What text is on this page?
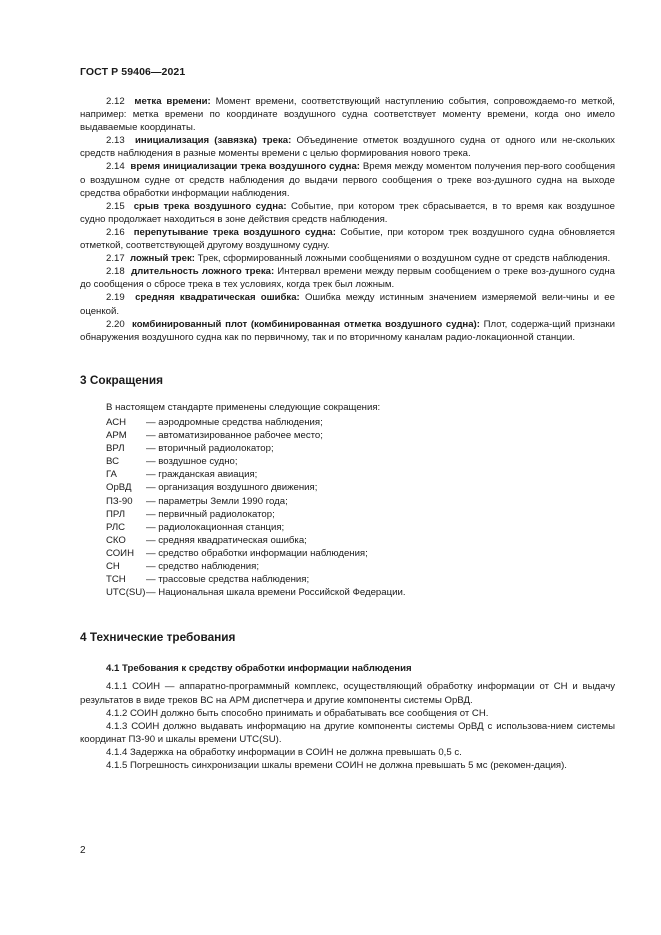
ГОСТ Р 59406—2021

2.12 метка времени: Момент времени, соответствующий наступлению события, сопровождаемо-го меткой, например: метка времени по координате воздушного судна соответствует моменту времени, когда оно имело выдаваемые координаты.

2.13 инициализация (завязка) трека: Объединение отметок воздушного судна от одного или не-скольких средств наблюдения в разные моменты времени с целью формирования нового трека.

2.14 время инициализации трека воздушного судна: Время между моментом получения пер-вого сообщения о воздушном судне от средств наблюдения до выдачи первого сообщения о треке воз-душного судна на выходе средства обработки информации наблюдения.

2.15 срыв трека воздушного судна: Событие, при котором трек сбрасывается, в то время как воздушное судно продолжает находиться в зоне действия средств наблюдения.

2.16 перепутывание трека воздушного судна: Событие, при котором трек воздушного судна обновляется отметкой, соответствующей другому воздушному судну.

2.17 ложный трек: Трек, сформированный ложными сообщениями о воздушном судне от средств наблюдения.

2.18 длительность ложного трека: Интервал времени между первым сообщением о треке воз-душного судна до сообщения о сбросе трека в тех условиях, когда трек был ложным.

2.19 средняя квадратическая ошибка: Ошибка между истинным значением измеряемой вели-чины и ее оценкой.

2.20 комбинированный плот (комбинированная отметка воздушного судна): Плот, содержа-щий признаки обнаружения воздушного судна как по первичному, так и по вторичному каналам радио-локационной станции.

3 Сокращения

В настоящем стандарте применены следующие сокращения:

АСН	— аэродромные средства наблюдения;
АРМ	— автоматизированное рабочее место;
ВРЛ	— вторичный радиолокатор;
ВС	— воздушное судно;
ГА	— гражданская авиация;
ОрВД	— организация воздушного движения;
ПЗ-90	— параметры Земли 1990 года;
ПРЛ	— первичный радиолокатор;
РЛС	— радиолокационная станция;
СКО	— средняя квадратическая ошибка;
СОИН	— средство обработки информации наблюдения;
СН	— средство наблюдения;
ТСН	— трассовые средства наблюдения;
UTC(SU) — Национальная шкала времени Российской Федерации.
4 Технические требования
4.1 Требования к средству обработки информации наблюдения

4.1.1 СОИН — аппаратно-программный комплекс, осуществляющий обработку информации от СН и выдачу результатов в виде треков ВС на АРМ диспетчера и другие компоненты системы ОрВД.

4.1.2 СОИН должно быть способно принимать и обрабатывать все сообщения от СН.

4.1.3 СОИН должно выдавать информацию на другие компоненты системы ОрВД с использова-нием системы координат ПЗ-90 и шкалы времени UTC(SU).

4.1.4 Задержка на обработку информации в СОИН не должна превышать 0,5 с.

4.1.5 Погрешность синхронизации шкалы времени СОИН не должна превышать 5 мс (рекомен-дация).

2
